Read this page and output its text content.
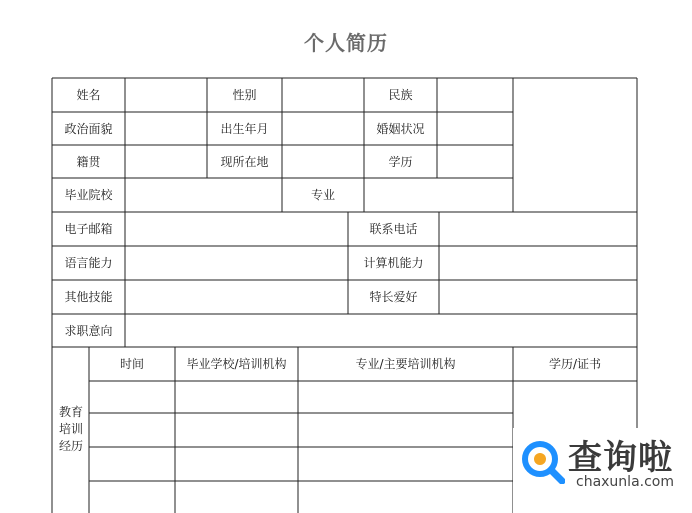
个人简历
姓名	性别	民族
政治面貌	出生年月	婚姻状况
籍贯	现所在地	学历
毕业院校	专业
电子邮箱	联系电话
语言能力	计算机能力
其他技能	特长爱好
求职意向
教育
培训
经历
时间	毕业学校/培训机构	专业/主要培训机构	学历/证书
查询啦
chaxunla.com
